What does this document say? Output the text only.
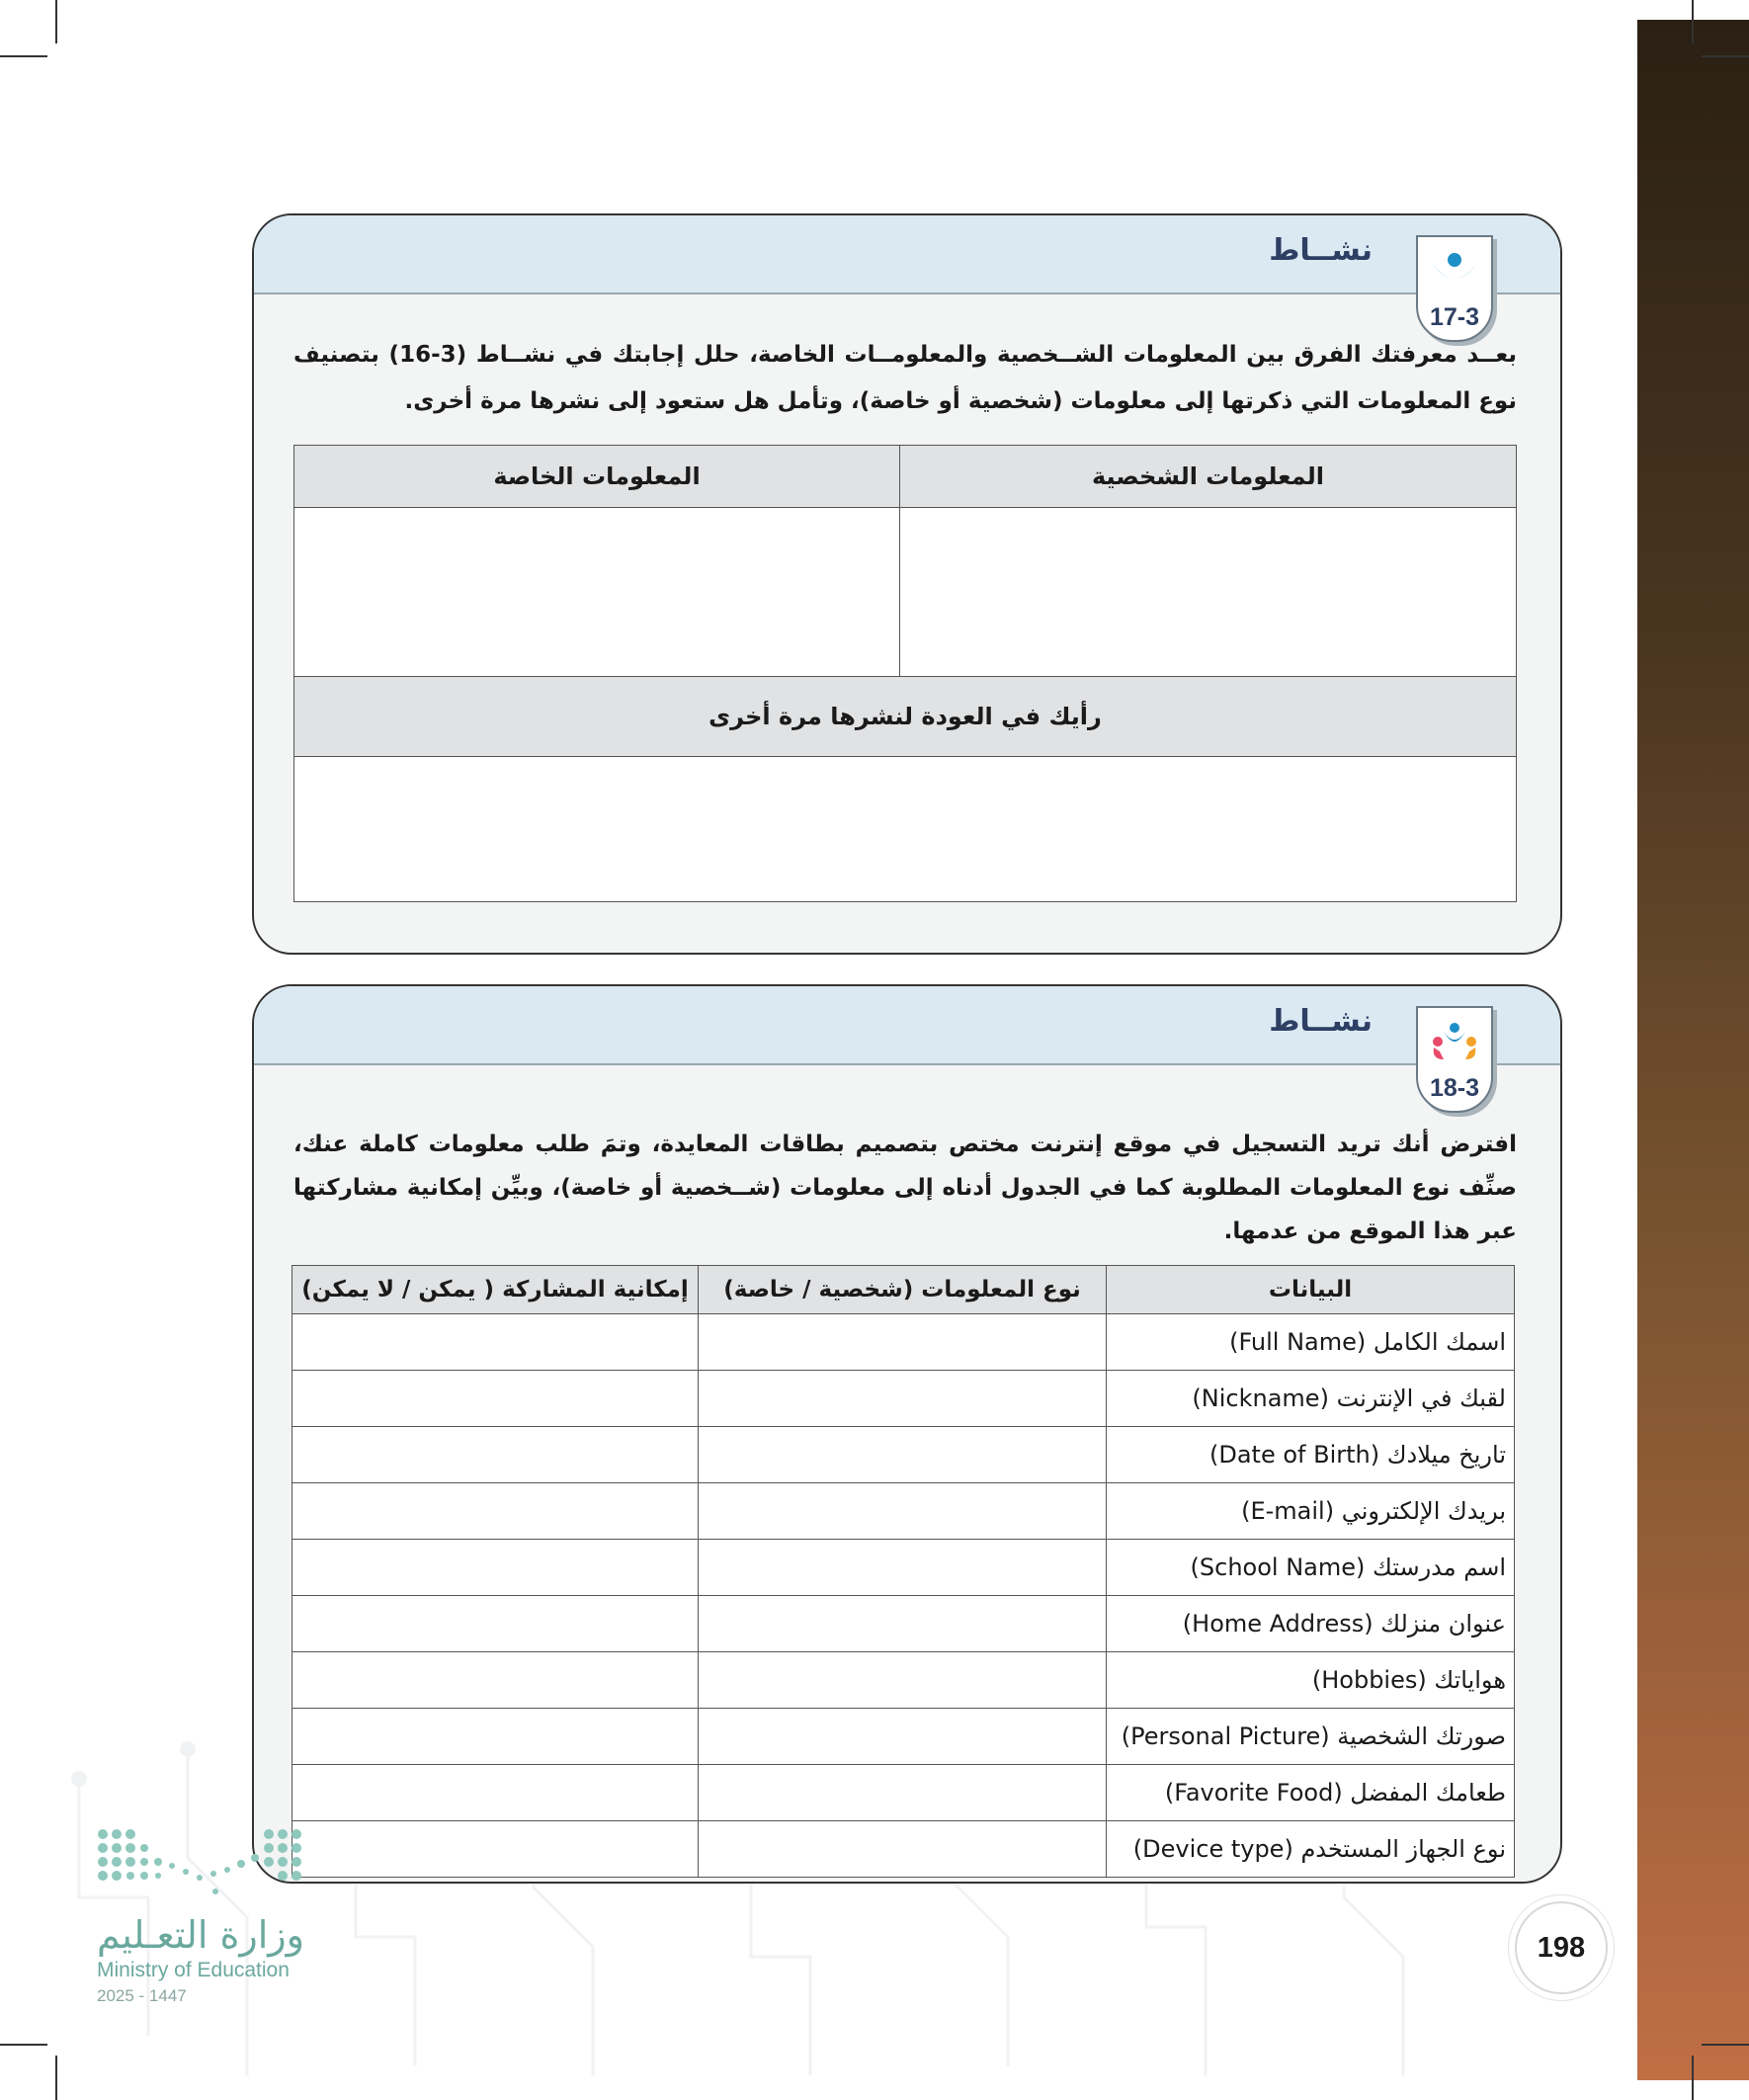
نشــاط
بعــد معرفتك الفرق بين المعلومات الشــخصية والمعلومــات الخاصة، حلل إجابتك في نشــاط (3-16) بتصنيف نوع المعلومات التي ذكرتها إلى معلومات (شخصية أو خاصة)، وتأمل هل ستعود إلى نشرها مرة أخرى.
المعلومات الشخصية	المعلومات الخاصة

رأيك في العودة لنشرها مرة أخرى	

17-3
نشــاط
افترض أنك تريد التسجيل في موقع إنترنت مختص بتصميم بطاقات المعايدة، وتمَ طلب معلومات كاملة عنك، صنِّف نوع المعلومات المطلوبة كما في الجدول أدناه إلى معلومات (شــخصية أو خاصة)، وبيِّن إمكانية مشاركتها عبر هذا الموقع من عدمها.
البيانات	نوع المعلومات (شخصية / خاصة)	إمكانية المشاركة ( يمكن / لا يمكن)
اسمك الكامل (Full Name)		
لقبك في الإنترنت (Nickname)		
تاريخ ميلادك (Date of Birth)		
بريدك الإلكتروني (E-mail)		
اسم مدرستك (School Name)		
عنوان منزلك (Home Address)		
هواياتك (Hobbies)		
صورتك الشخصية (Personal Picture)		
طعامك المفضل (Favorite Food)		
نوع الجهاز المستخدم (Device type)		
18-3
وزارة التعـليم
Ministry of Education
2025 - 1447
198
